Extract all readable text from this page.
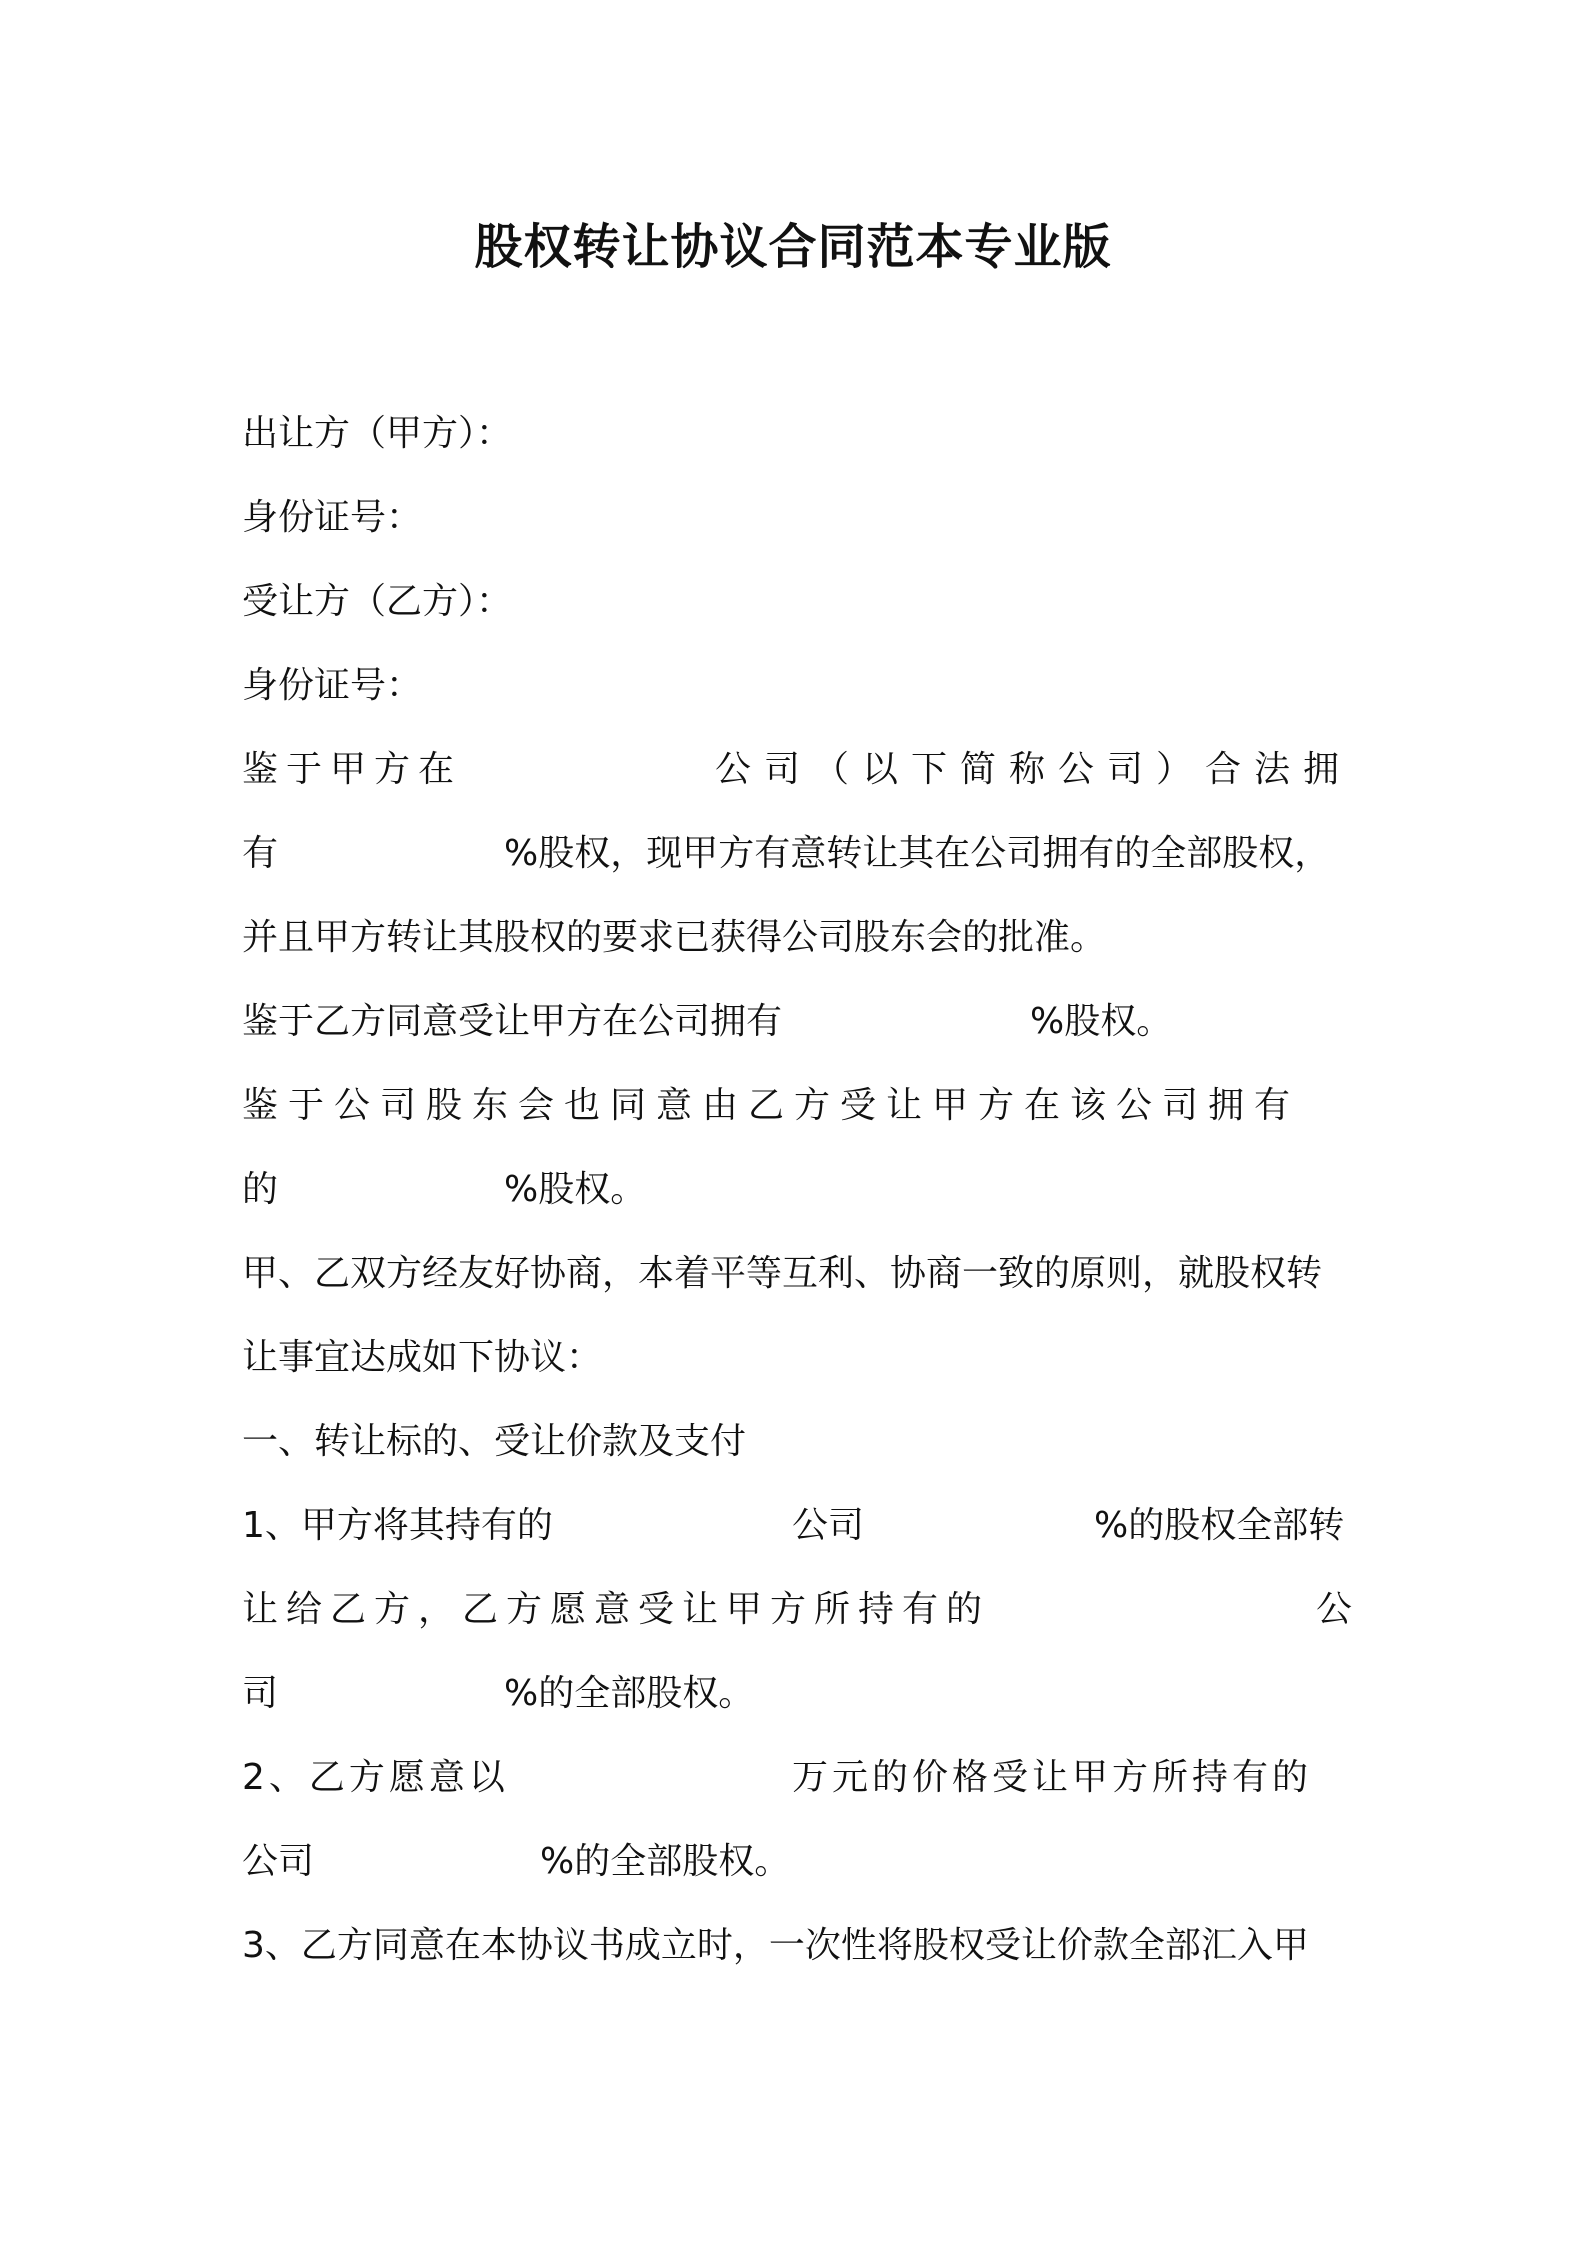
股权转让协议合同范本专业版
出让方（甲方）：
身份证号：
受让方（乙方）：
身份证号：
鉴于甲方在	公司（以下简称公司）合法拥
有	%股权，现甲方有意转让其在公司拥有的全部股权，
并且甲方转让其股权的要求已获得公司股东会的批准。
鉴于乙方同意受让甲方在公司拥有	%股权。
鉴于公司股东会也同意由乙方受让甲方在该公司拥有
的	%股权。
甲、乙双方经友好协商，本着平等互利、协商一致的原则，就股权转
让事宜达成如下协议：
一、转让标的、受让价款及支付
1、甲方将其持有的	公司	%的股权全部转
让给乙方，乙方愿意受让甲方所持有的	公
司	%的全部股权。
2、乙方愿意以	万元的价格受让甲方所持有的
公司	%的全部股权。
3、乙方同意在本协议书成立时，一次性将股权受让价款全部汇入甲
